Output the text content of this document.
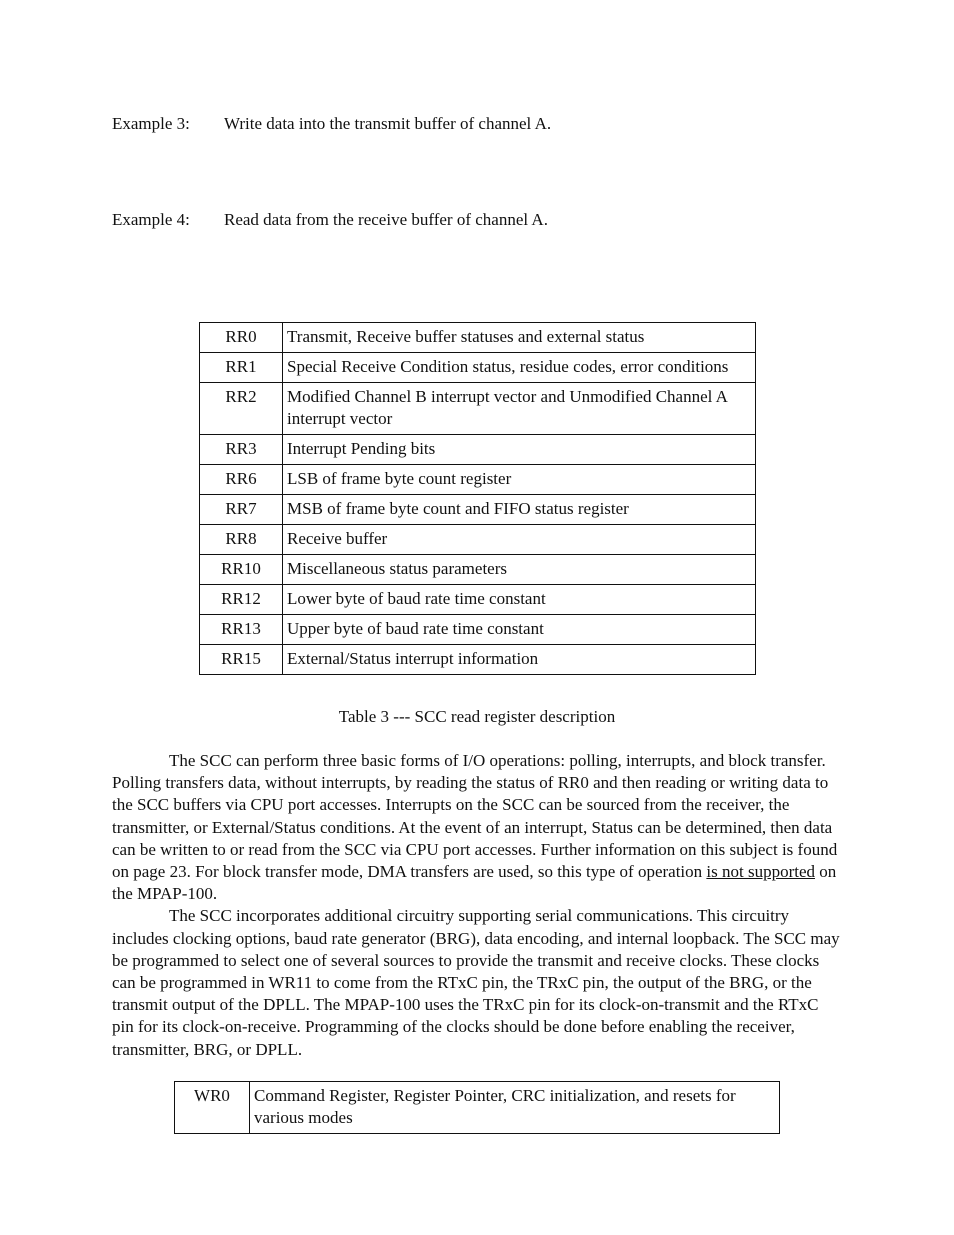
Example 3: Write data into the transmit buffer of channel A.
Example 4: Read data from the receive buffer of channel A.
RR0	Transmit, Receive buffer statuses and external status
RR1	Special Receive Condition status, residue codes, error conditions
RR2	Modified Channel B interrupt vector and Unmodified Channel A interrupt vector
RR3	Interrupt Pending bits
RR6	LSB of frame byte count register
RR7	MSB of frame byte count and FIFO status register
RR8	Receive buffer
RR10	Miscellaneous status parameters
RR12	Lower byte of baud rate time constant
RR13	Upper byte of baud rate time constant
RR15	External/Status interrupt information
Table 3 --- SCC read register description

The SCC can perform three basic forms of I/O operations: polling, interrupts, and block transfer. Polling transfers data, without interrupts, by reading the status of RR0 and then reading or writing data to the SCC buffers via CPU port accesses. Interrupts on the SCC can be sourced from the receiver, the transmitter, or External/Status conditions. At the event of an interrupt, Status can be determined, then data can be written to or read from the SCC via CPU port accesses. Further information on this subject is found on page 23. For block transfer mode, DMA transfers are used, so this type of operation is not supported on the MPAP-100.

The SCC incorporates additional circuitry supporting serial communications. This circuitry includes clocking options, baud rate generator (BRG), data encoding, and internal loopback. The SCC may be programmed to select one of several sources to provide the transmit and receive clocks. These clocks can be programmed in WR11 to come from the RTxC pin, the TRxC pin, the output of the BRG, or the transmit output of the DPLL. The MPAP-100 uses the TRxC pin for its clock-on-transmit and the RTxC pin for its clock-on-receive. Programming of the clocks should be done before enabling the receiver, transmitter, BRG, or DPLL.

WR0	Command Register, Register Pointer, CRC initialization, and resets for various modes
